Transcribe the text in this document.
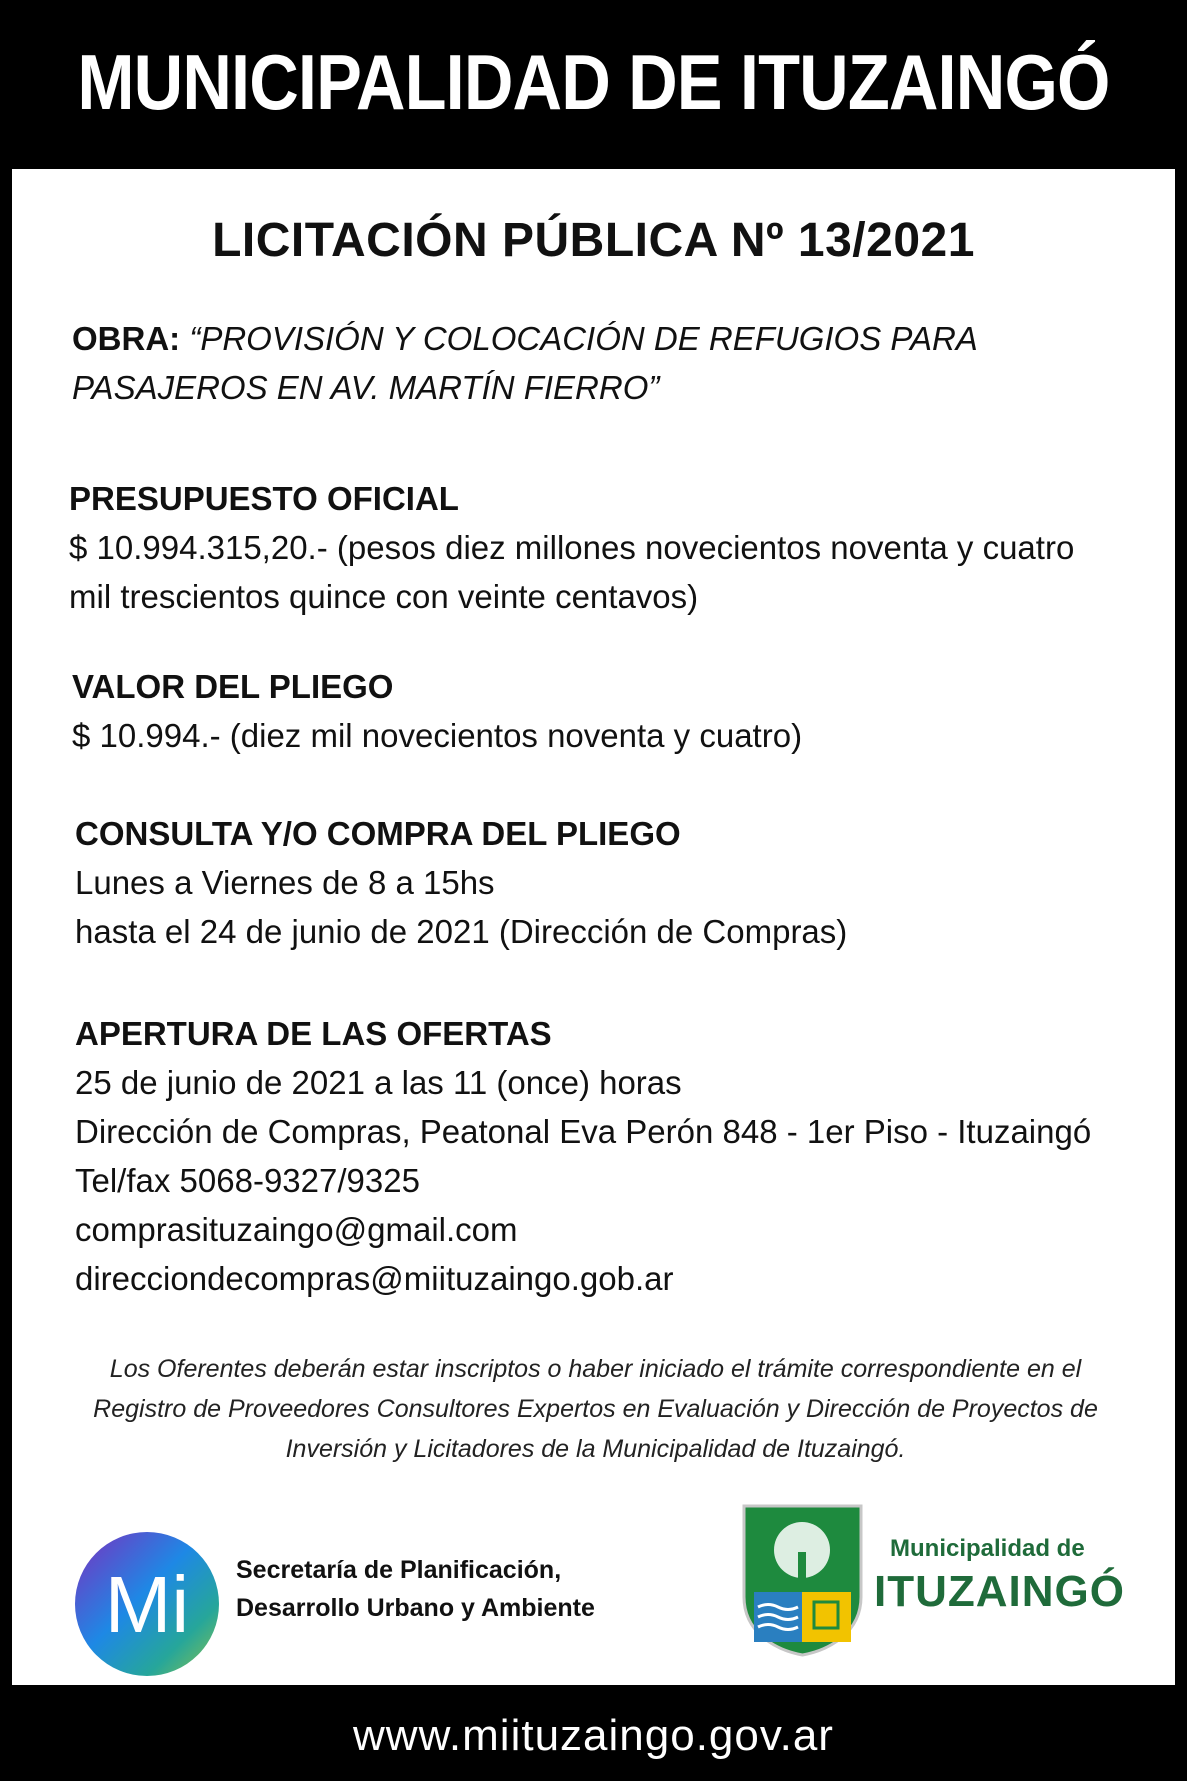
MUNICIPALIDAD DE ITUZAINGÓ
LICITACIÓN PÚBLICA Nº 13/2021
OBRA: “PROVISIÓN Y COLOCACIÓN DE REFUGIOS PARA
PASAJEROS EN AV. MARTÍN FIERRO”
PRESUPUESTO OFICIAL
$ 10.994.315,20.- (pesos diez millones novecientos noventa y cuatro
mil trescientos quince con veinte centavos)
VALOR DEL PLIEGO
$ 10.994.- (diez mil novecientos noventa y cuatro)
CONSULTA Y/O COMPRA DEL PLIEGO
Lunes a Viernes de 8 a 15hs
hasta el 24 de junio de 2021 (Dirección de Compras)
APERTURA DE LAS OFERTAS
25 de junio de 2021 a las 11 (once) horas
Dirección de Compras, Peatonal Eva Perón 848 - 1er Piso - Ituzaingó
Tel/fax 5068-9327/9325
comprasituzaingo@gmail.com
direcciondecompras@miituzaingo.gob.ar
Los Oferentes deberán estar inscriptos o haber iniciado el trámite correspondiente en el
Registro de Proveedores Consultores Expertos en Evaluación y Dirección de Proyectos de
Inversión y Licitadores de la Municipalidad de Ituzaingó.
Mi Secretaría de Planificación,
Desarrollo Urbano y Ambiente
Municipalidad de
ITUZAINGÓ
www.miituzaingo.gov.ar
